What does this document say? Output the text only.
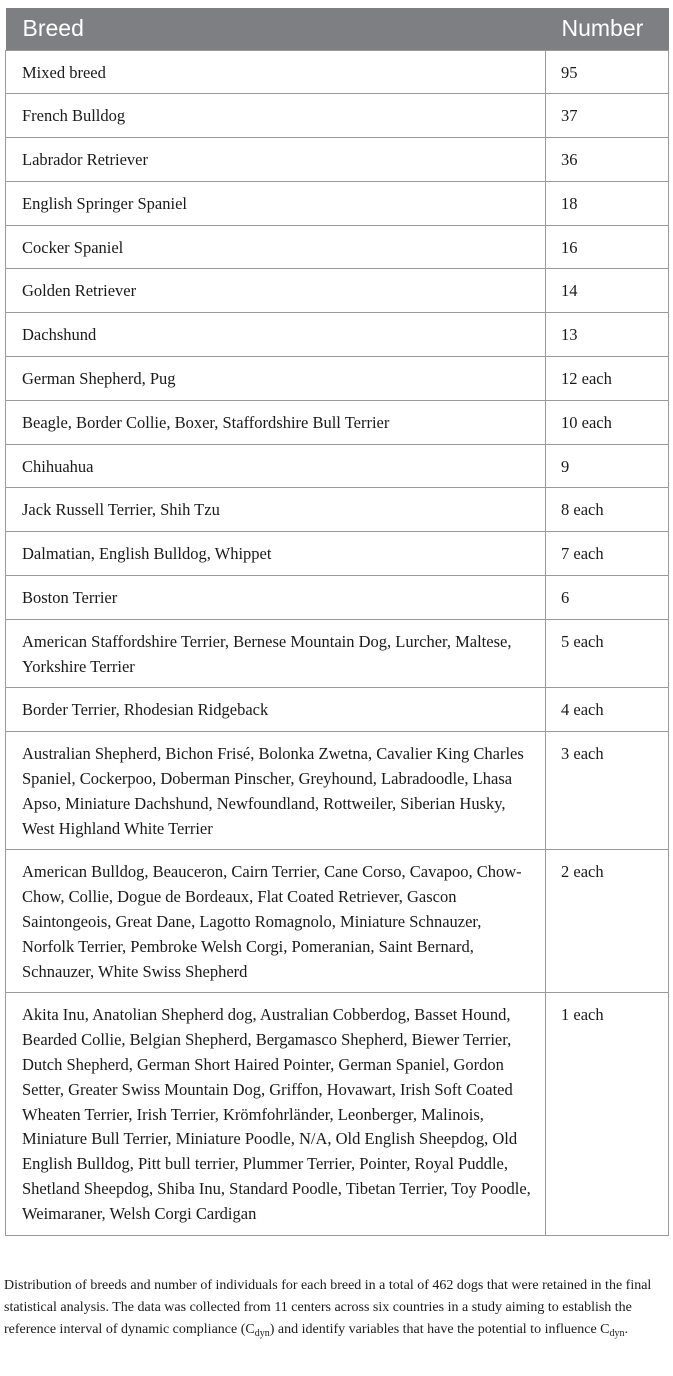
Breed	Number
Mixed breed	95
French Bulldog	37
Labrador Retriever	36
English Springer Spaniel	18
Cocker Spaniel	16
Golden Retriever	14
Dachshund	13
German Shepherd, Pug	12 each
Beagle, Border Collie, Boxer, Staffordshire Bull Terrier	10 each
Chihuahua	9
Jack Russell Terrier, Shih Tzu	8 each
Dalmatian, English Bulldog, Whippet	7 each
Boston Terrier	6
American Staffordshire Terrier, Bernese Mountain Dog, Lurcher, Maltese, Yorkshire Terrier	5 each
Border Terrier, Rhodesian Ridgeback	4 each
Australian Shepherd, Bichon Frisé, Bolonka Zwetna, Cavalier King Charles Spaniel, Cockerpoo, Doberman Pinscher, Greyhound, Labradoodle, Lhasa Apso, Miniature Dachshund, Newfoundland, Rottweiler, Siberian Husky, West Highland White Terrier	3 each
American Bulldog, Beauceron, Cairn Terrier, Cane Corso, Cavapoo, Chow-Chow, Collie, Dogue de Bordeaux, Flat Coated Retriever, Gascon Saintongeois, Great Dane, Lagotto Romagnolo, Miniature Schnauzer, Norfolk Terrier, Pembroke Welsh Corgi, Pomeranian, Saint Bernard, Schnauzer, White Swiss Shepherd	2 each
Akita Inu, Anatolian Shepherd dog, Australian Cobberdog, Basset Hound, Bearded Collie, Belgian Shepherd, Bergamasco Shepherd, Biewer Terrier, Dutch Shepherd, German Short Haired Pointer, German Spaniel, Gordon Setter, Greater Swiss Mountain Dog, Griffon, Hovawart, Irish Soft Coated Wheaten Terrier, Irish Terrier, Krömfohrländer, Leonberger, Malinois, Miniature Bull Terrier, Miniature Poodle, N/A, Old English Sheepdog, Old English Bulldog, Pitt bull terrier, Plummer Terrier, Pointer, Royal Puddle, Shetland Sheepdog, Shiba Inu, Standard Poodle, Tibetan Terrier, Toy Poodle, Weimaraner, Welsh Corgi Cardigan	1 each
Distribution of breeds and number of individuals for each breed in a total of 462 dogs that were retained in the final statistical analysis. The data was collected from 11 centers across six countries in a study aiming to establish the reference interval of dynamic compliance $(C_{dyn})$ and identify variables that have the potential to influence $C_{dyn}$.
